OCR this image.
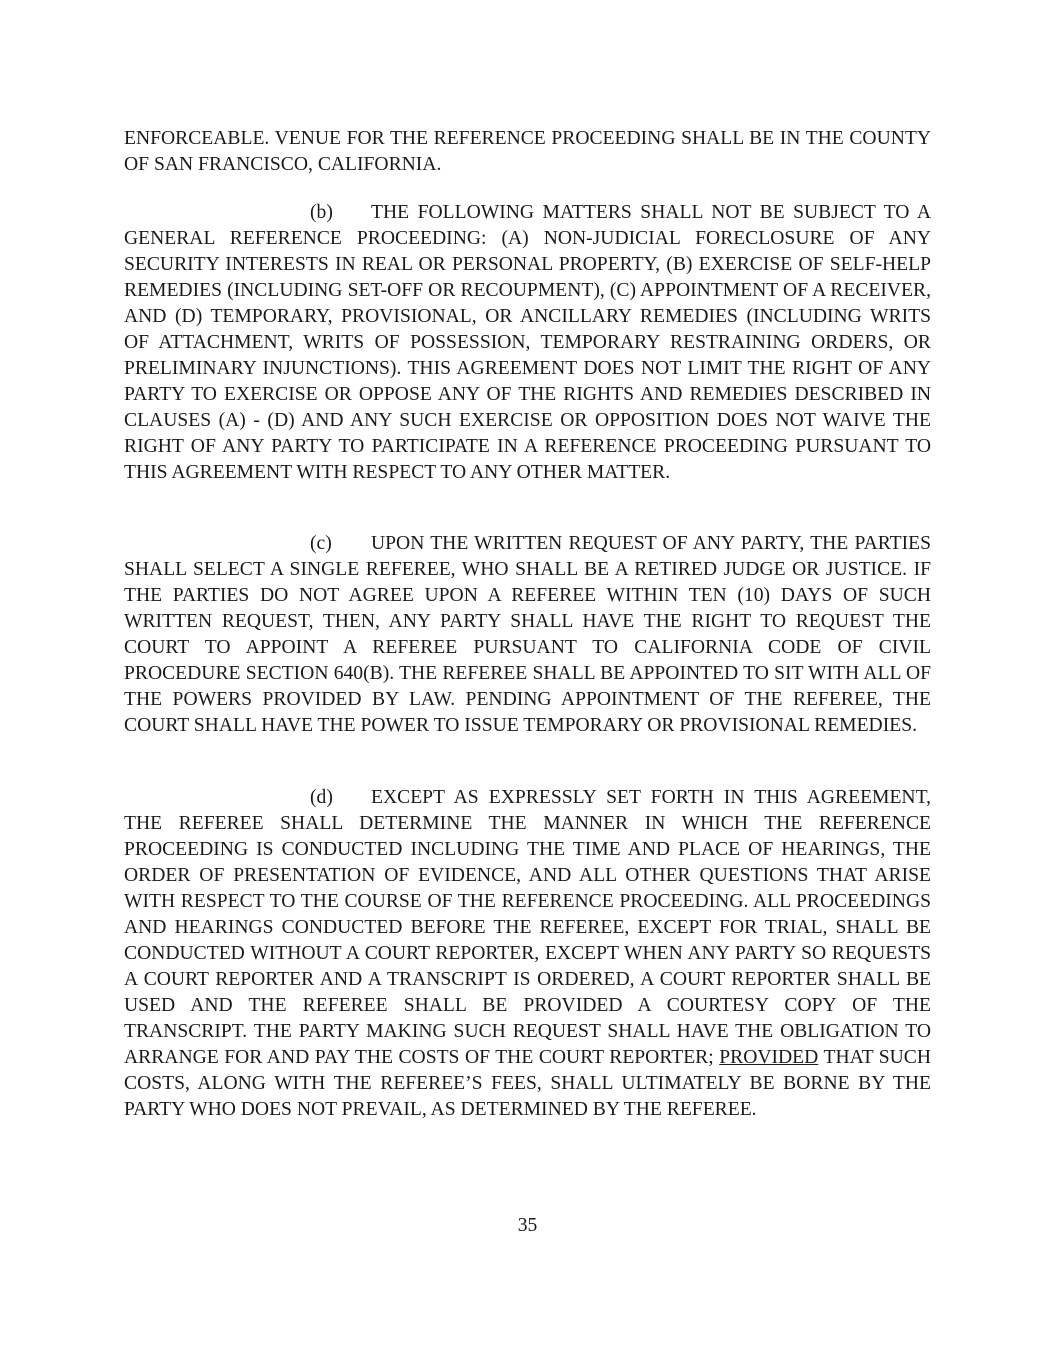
ENFORCEABLE. VENUE FOR THE REFERENCE PROCEEDING SHALL BE IN THE COUNTY OF SAN FRANCISCO, CALIFORNIA.

(b) THE FOLLOWING MATTERS SHALL NOT BE SUBJECT TO A GENERAL REFERENCE PROCEEDING: (A) NON-JUDICIAL FORECLOSURE OF ANY SECURITY INTERESTS IN REAL OR PERSONAL PROPERTY, (B) EXERCISE OF SELF-HELP REMEDIES (INCLUDING SET-OFF OR RECOUPMENT), (C) APPOINTMENT OF A RECEIVER, AND (D) TEMPORARY, PROVISIONAL, OR ANCILLARY REMEDIES (INCLUDING WRITS OF ATTACHMENT, WRITS OF POSSESSION, TEMPORARY RESTRAINING ORDERS, OR PRELIMINARY INJUNCTIONS). THIS AGREEMENT DOES NOT LIMIT THE RIGHT OF ANY PARTY TO EXERCISE OR OPPOSE ANY OF THE RIGHTS AND REMEDIES DESCRIBED IN CLAUSES (A) - (D) AND ANY SUCH EXERCISE OR OPPOSITION DOES NOT WAIVE THE RIGHT OF ANY PARTY TO PARTICIPATE IN A REFERENCE PROCEEDING PURSUANT TO THIS AGREEMENT WITH RESPECT TO ANY OTHER MATTER.

(c) UPON THE WRITTEN REQUEST OF ANY PARTY, THE PARTIES SHALL SELECT A SINGLE REFEREE, WHO SHALL BE A RETIRED JUDGE OR JUSTICE. IF THE PARTIES DO NOT AGREE UPON A REFEREE WITHIN TEN (10) DAYS OF SUCH WRITTEN REQUEST, THEN, ANY PARTY SHALL HAVE THE RIGHT TO REQUEST THE COURT TO APPOINT A REFEREE PURSUANT TO CALIFORNIA CODE OF CIVIL PROCEDURE SECTION 640(B). THE REFEREE SHALL BE APPOINTED TO SIT WITH ALL OF THE POWERS PROVIDED BY LAW. PENDING APPOINTMENT OF THE REFEREE, THE COURT SHALL HAVE THE POWER TO ISSUE TEMPORARY OR PROVISIONAL REMEDIES.

(d) EXCEPT AS EXPRESSLY SET FORTH IN THIS AGREEMENT, THE REFEREE SHALL DETERMINE THE MANNER IN WHICH THE REFERENCE PROCEEDING IS CONDUCTED INCLUDING THE TIME AND PLACE OF HEARINGS, THE ORDER OF PRESENTATION OF EVIDENCE, AND ALL OTHER QUESTIONS THAT ARISE WITH RESPECT TO THE COURSE OF THE REFERENCE PROCEEDING. ALL PROCEEDINGS AND HEARINGS CONDUCTED BEFORE THE REFEREE, EXCEPT FOR TRIAL, SHALL BE CONDUCTED WITHOUT A COURT REPORTER, EXCEPT WHEN ANY PARTY SO REQUESTS A COURT REPORTER AND A TRANSCRIPT IS ORDERED, A COURT REPORTER SHALL BE USED AND THE REFEREE SHALL BE PROVIDED A COURTESY COPY OF THE TRANSCRIPT. THE PARTY MAKING SUCH REQUEST SHALL HAVE THE OBLIGATION TO ARRANGE FOR AND PAY THE COSTS OF THE COURT REPORTER; PROVIDED THAT SUCH COSTS, ALONG WITH THE REFEREE’S FEES, SHALL ULTIMATELY BE BORNE BY THE PARTY WHO DOES NOT PREVAIL, AS DETERMINED BY THE REFEREE.

35
